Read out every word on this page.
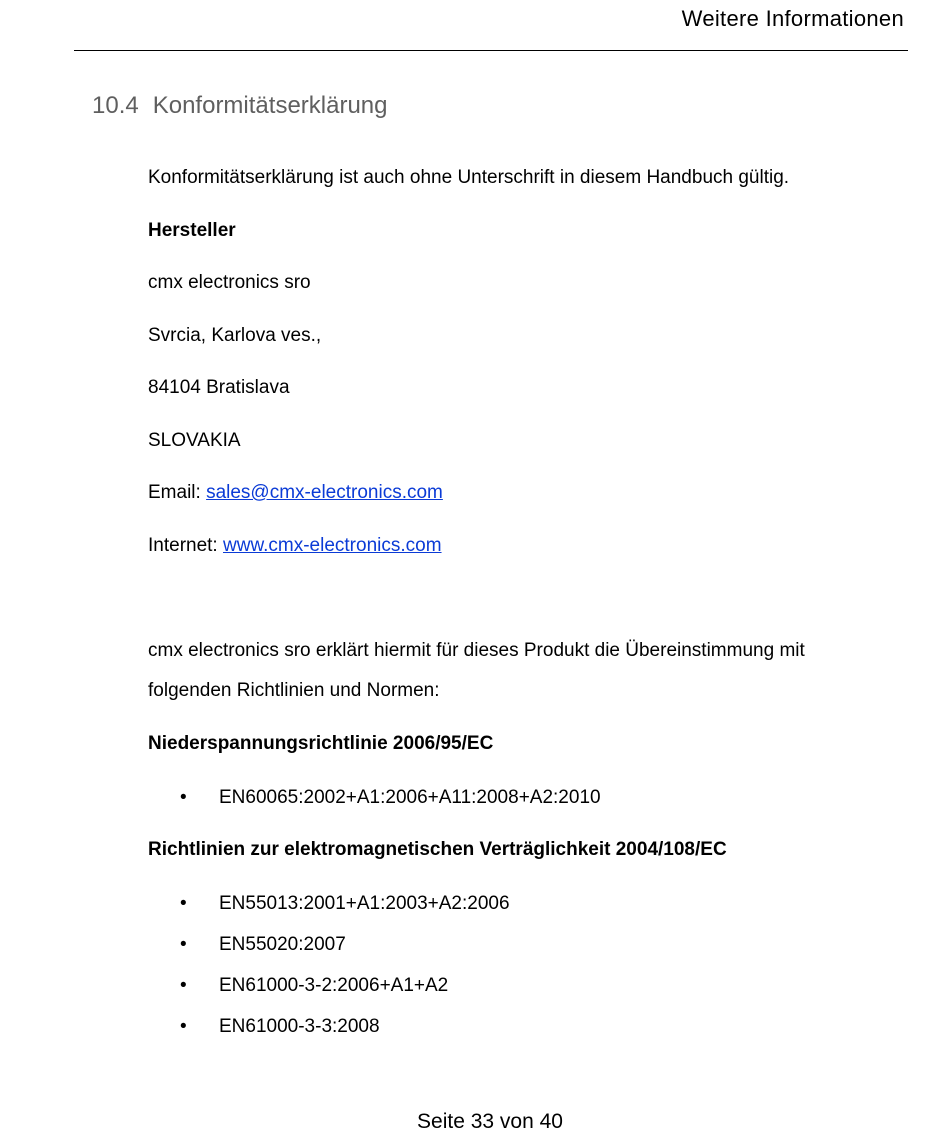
Weitere Informationen
10.4 Konformitätserklärung
Konformitätserklärung ist auch ohne Unterschrift in diesem Handbuch gültig.
Hersteller
cmx electronics sro
Svrcia, Karlova ves.,
84104 Bratislava
SLOVAKIA
Email: sales@cmx-electronics.com
Internet: www.cmx-electronics.com
cmx electronics sro erklärt hiermit für dieses Produkt die Übereinstimmung mit
folgenden Richtlinien und Normen:
Niederspannungsrichtlinie 2006/95/EC
• EN60065:2002+A1:2006+A11:2008+A2:2010
Richtlinien zur elektromagnetischen Verträglichkeit 2004/108/EC
• EN55013:2001+A1:2003+A2:2006
• EN55020:2007
• EN61000-3-2:2006+A1+A2
• EN61000-3-3:2008
Seite 33 von 40
